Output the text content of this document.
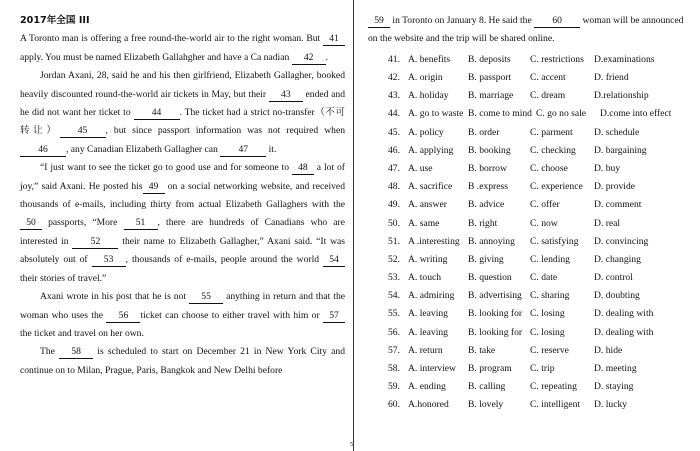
2017年全国 III

A Toronto man is offering a free round-the-world air to the right woman. But 41 apply. You must be named Elizabeth Gallahgher and have a Ca nadian 42 .

Jordan Axani, 28, said he and his then girlfriend, Elizabeth Gallagher, booked heavily discounted round-the-world air tickets in May, but their 43 ended and he did not want her ticket to 44 . The ticket had a strict no-transfer（不可转让） 45 , but since passport information was not required when 46 , any Canadian Elizabeth Gallagher can 47 it.

“I just want to see the ticket go to good use and for someone to 48 a lot of joy,” said Axani. He posted his 49 on a social networking website, and received thousands of e-mails, including thirty from actual Elizabeth Gallaghers with the 50 passports, “More 51 , there are hundreds of Canadians who are interested in 52 their name to Elizabeth Gallagher,” Axani said. “It was absolutely out of 53 , thousands of e-mails, people around the world 54 their stories of travel.”

Axani wrote in his post that he is not 55 anything in return and that the woman who uses the 56 ticket can choose to either travel with him or 57 the ticket and travel on her own.

The 58 is scheduled to start on December 21 in New York City and continue on to Milan, Prague, Paris, Bangkok and New Delhi before

59 in Toronto on January 8. He said the 60 woman will be announced on the website and the trip will be shared online.

41. A. benefits	B. deposits	C. restrictions	D.examinations
42. A. origin	B. passport	C. accent	D. friend
43. A. holiday	B. marriage	C. dream	D.relationship
44. A. go to waste B. come to mind C. go no sale	D.come into effect
45. A. policy	B. order	C. parment	D. schedule
46. A. applying	B. booking	C. checking	D. bargaining
47. A. use	B. borrow	C. choose	D. buy
48. A. sacrifice	B .express	C. experience	D. provide
49. A. answer	B. advice	C. offer	D. comment
50. A. same	B. right	C. now	D. real
51. A .interesting B. annoying	C. satisfying	D. convincing
52. A. writing	B. giving	C. lending	D. changing
53. A. touch	B. question	C. date	D. control
54. A. admiring	B. advertising C. sharing	D. doubting
55. A. leaving	B. looking for C. losing	D. dealing with
56. A. leaving	B. looking for C. losing	D. dealing with
57. A. return	B. take	C. reserve	D. hide
58. A. interview	B. program	C. trip	D. meeting
59. A. ending	B. calling	C. repeating	D. staying
60. A.honored	B. lovely	C. intelligent	D. lucky
5
